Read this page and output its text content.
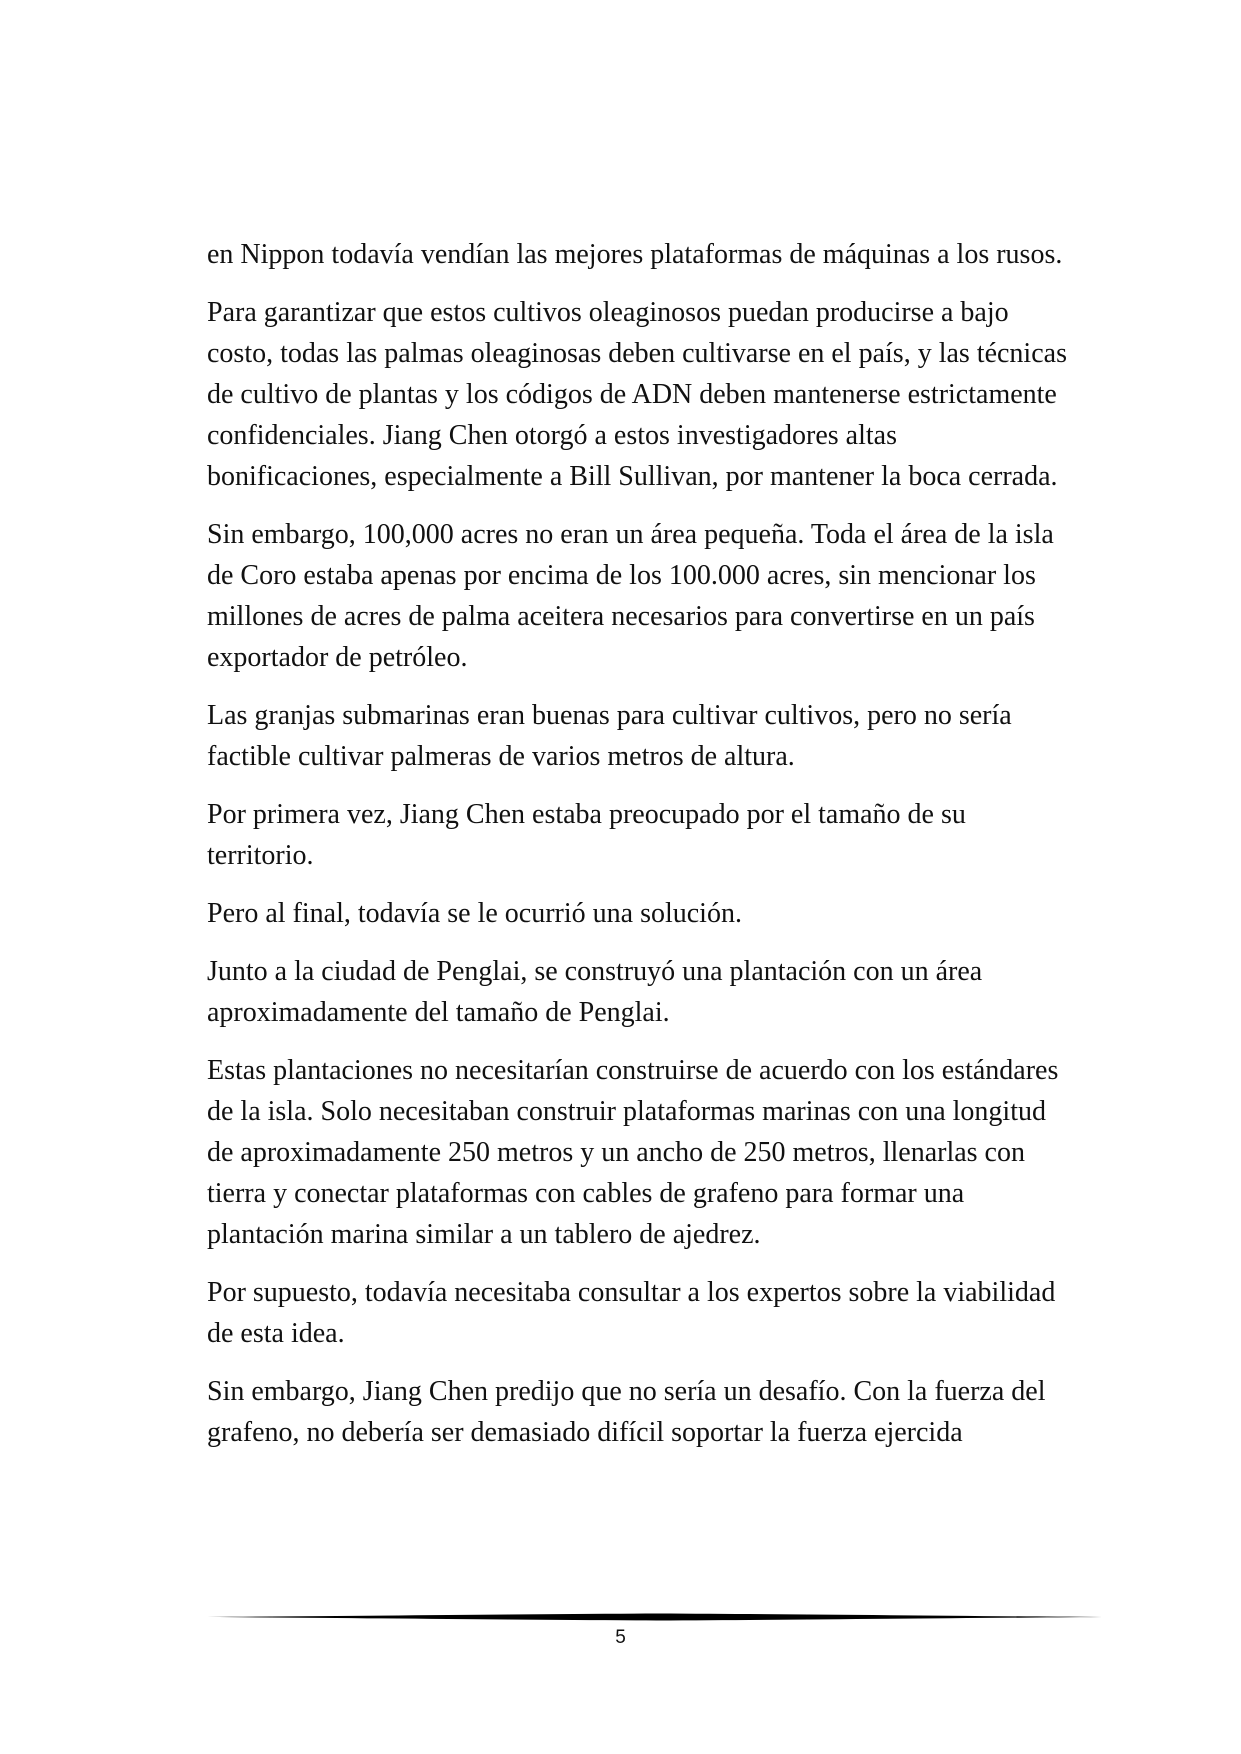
en Nippon todavía vendían las mejores plataformas de máquinas a los rusos.

Para garantizar que estos cultivos oleaginosos puedan producirse a bajo costo, todas las palmas oleaginosas deben cultivarse en el país, y las técnicas de cultivo de plantas y los códigos de ADN deben mantenerse estrictamente confidenciales. Jiang Chen otorgó a estos investigadores altas bonificaciones, especialmente a Bill Sullivan, por mantener la boca cerrada.

Sin embargo, 100,000 acres no eran un área pequeña. Toda el área de la isla de Coro estaba apenas por encima de los 100.000 acres, sin mencionar los millones de acres de palma aceitera necesarios para convertirse en un país exportador de petróleo.

Las granjas submarinas eran buenas para cultivar cultivos, pero no sería factible cultivar palmeras de varios metros de altura.

Por primera vez, Jiang Chen estaba preocupado por el tamaño de su territorio.

Pero al final, todavía se le ocurrió una solución.

Junto a la ciudad de Penglai, se construyó una plantación con un área aproximadamente del tamaño de Penglai.

Estas plantaciones no necesitarían construirse de acuerdo con los estándares de la isla. Solo necesitaban construir plataformas marinas con una longitud de aproximadamente 250 metros y un ancho de 250 metros, llenarlas con tierra y conectar plataformas con cables de grafeno para formar una plantación marina similar a un tablero de ajedrez.

Por supuesto, todavía necesitaba consultar a los expertos sobre la viabilidad de esta idea.

Sin embargo, Jiang Chen predijo que no sería un desafío. Con la fuerza del grafeno, no debería ser demasiado difícil soportar la fuerza ejercida

5
